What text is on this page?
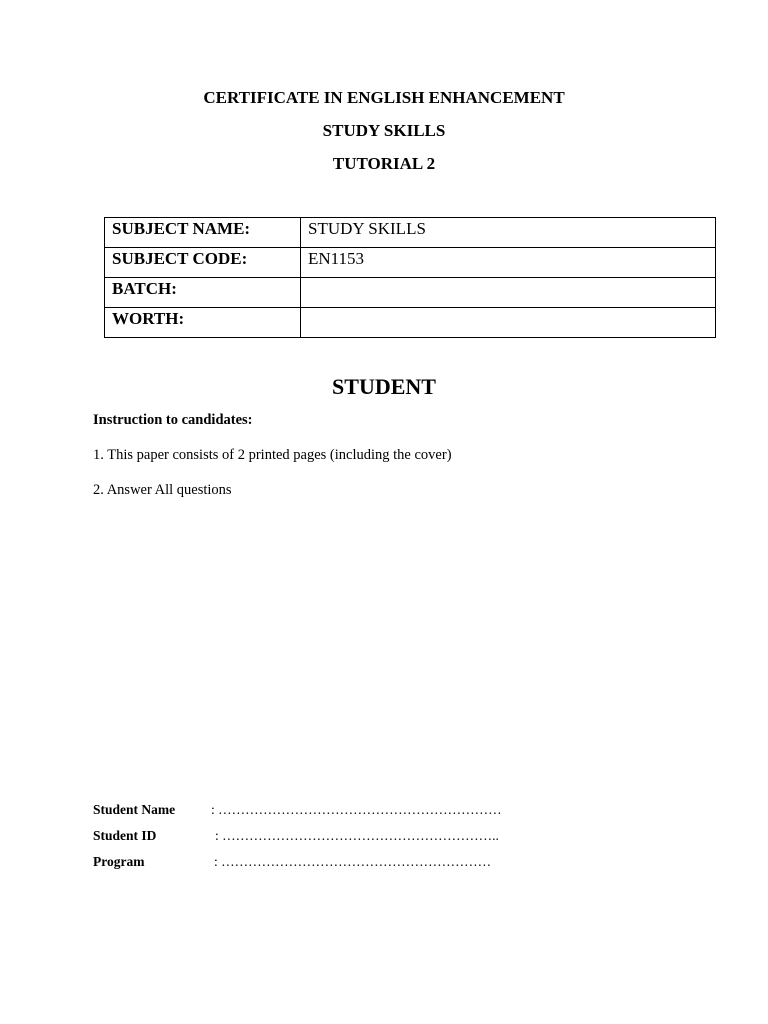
CERTIFICATE IN ENGLISH ENHANCEMENT

STUDY SKILLS

TUTORIAL 2

SUBJECT NAME:	STUDY SKILLS
SUBJECT CODE:	EN1153
BATCH:	
WORTH:	

STUDENT

Instruction to candidates:

1. This paper consists of 2 printed pages (including the cover)

2. Answer All questions

Student Name	: ………………………………………………………
Student ID	: ……………………………………………………..
Program	: ……………………………………………………
